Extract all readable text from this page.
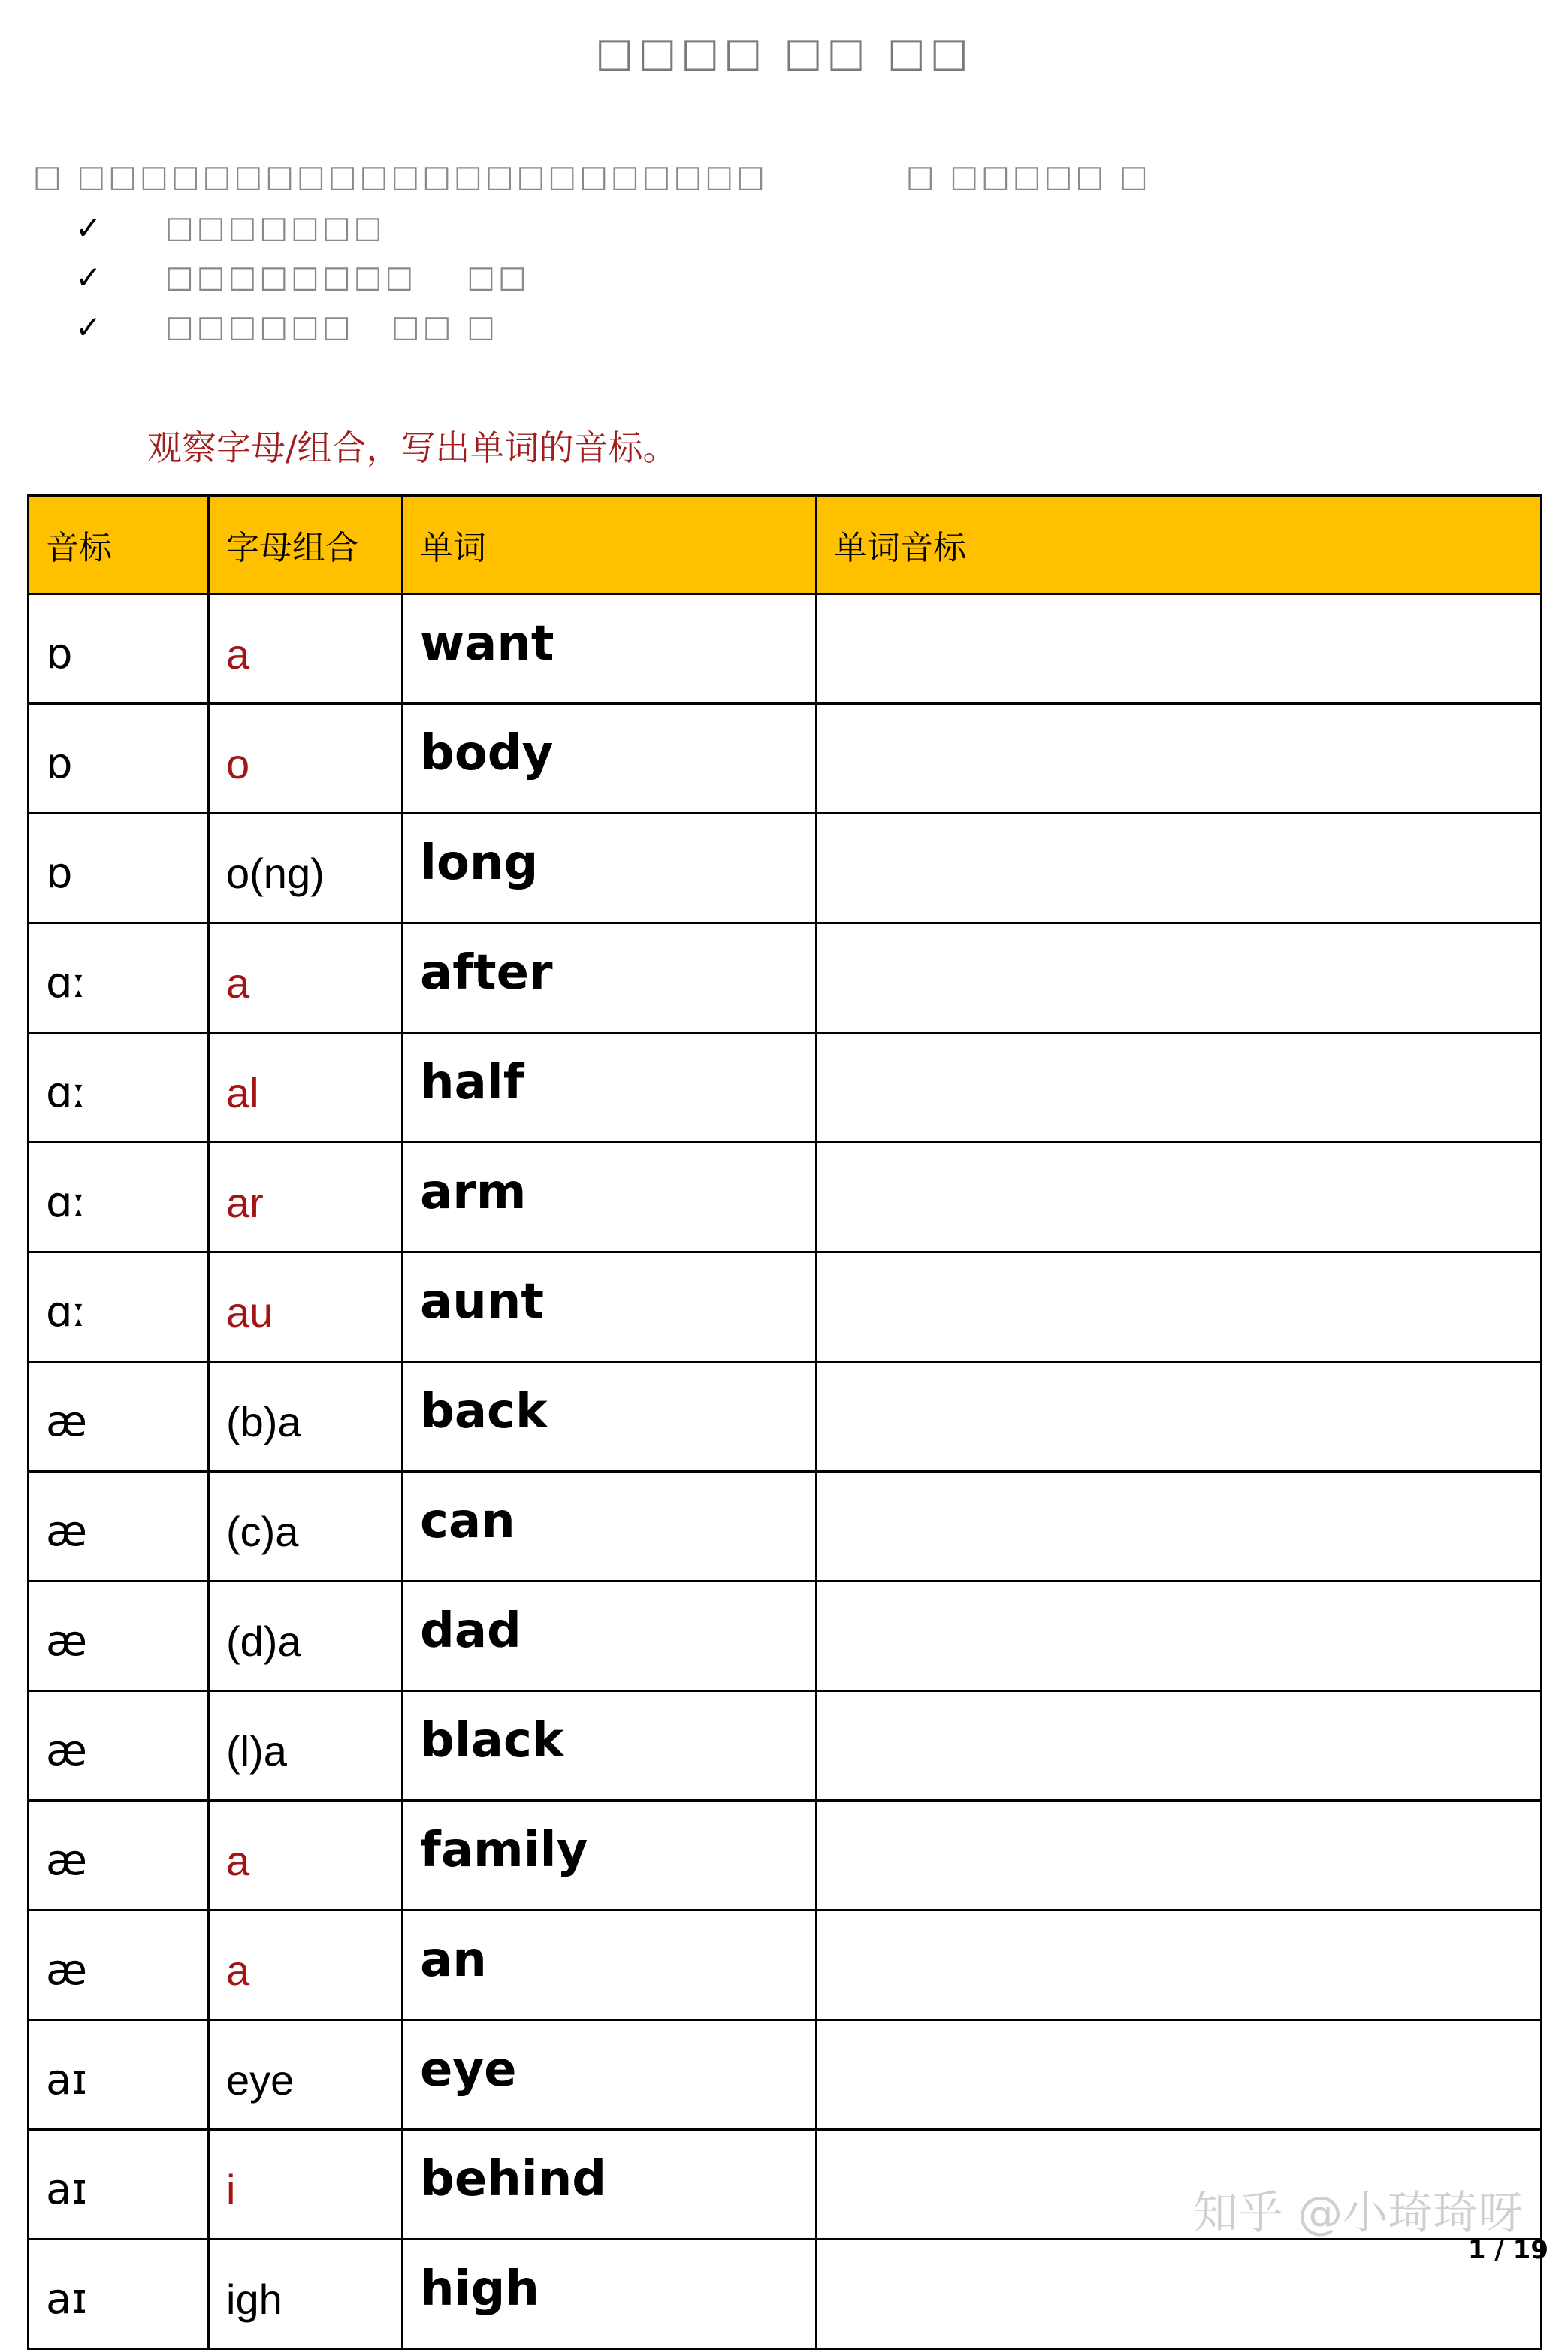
□□□□ □□ □□
□ □□□□□□□□□□□□□□□□□□□□□□           □ □□□□□ □
✓	□□□□□□□
✓	□□□□□□□□    □□
✓	□□□□□□   □□ □
观察字母/组合，写出单词的音标。
音标	字母组合	单词	单词音标
ɒ	a	want	
ɒ	o	body	
ɒ	o(ng)	long	
ɑː	a	after	
ɑː	al	half	
ɑː	ar	arm	
ɑː	au	aunt	
æ	(b)a	back	
æ	(c)a	can	
æ	(d)a	dad	
æ	(l)a	black	
æ	a	family	
æ	a	an	
aɪ	eye	eye	
aɪ	i	behind	
aɪ	igh	high	
知乎 @小琦琦呀
1 / 19
